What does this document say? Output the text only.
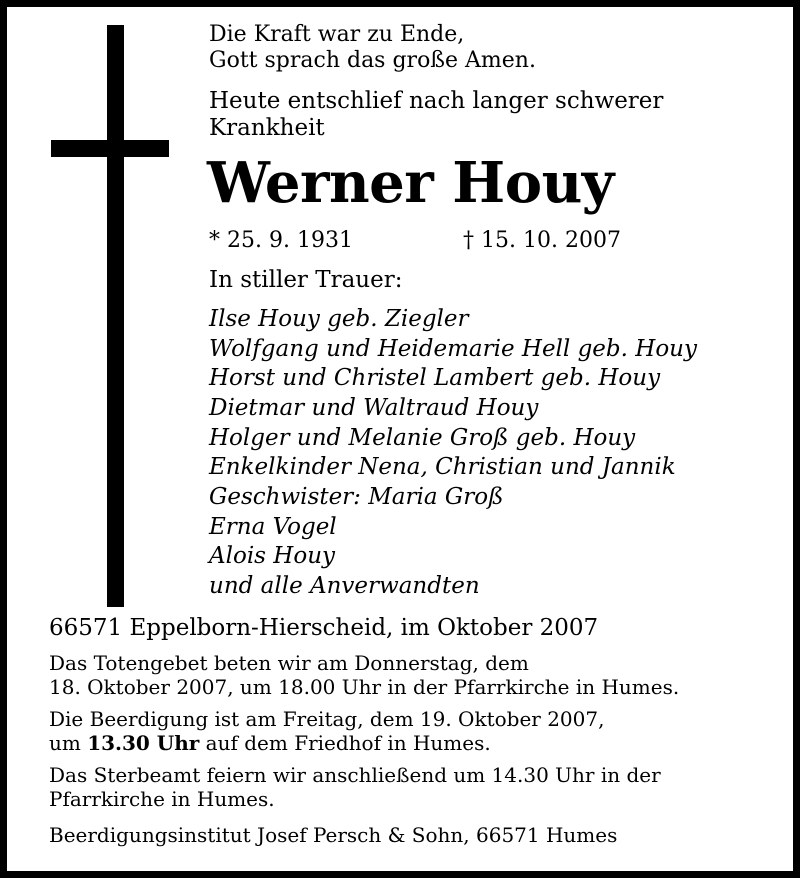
Die Kraft war zu Ende,
Gott sprach das große Amen.
Heute entschlief nach langer schwerer
Krankheit
Werner Houy
* 25. 9. 1931	† 15. 10. 2007
In stiller Trauer:
Ilse Houy geb. Ziegler
Wolfgang und Heidemarie Hell geb. Houy
Horst und Christel Lambert geb. Houy
Dietmar und Waltraud Houy
Holger und Melanie Groß geb. Houy
Enkelkinder Nena, Christian und Jannik
Geschwister: Maria Groß
Erna Vogel
Alois Houy
und alle Anverwandten
66571 Eppelborn-Hierscheid, im Oktober 2007
Das Totengebet beten wir am Donnerstag, dem
18. Oktober 2007, um 18.00 Uhr in der Pfarrkirche in Humes.
Die Beerdigung ist am Freitag, dem 19. Oktober 2007,
um 13.30 Uhr auf dem Friedhof in Humes.
Das Sterbeamt feiern wir anschließend um 14.30 Uhr in der
Pfarrkirche in Humes.
Beerdigungsinstitut Josef Persch & Sohn, 66571 Humes
